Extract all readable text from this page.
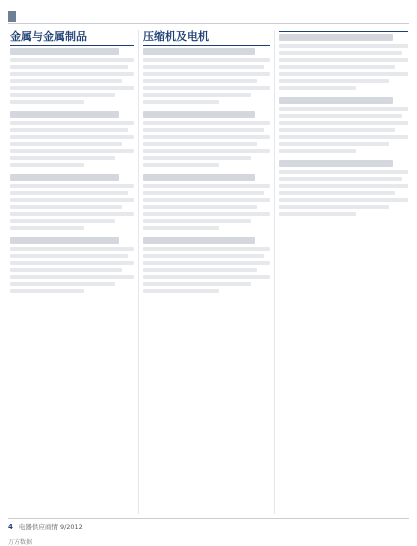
金属与金属制品	压缩机及电机
4 电器供应商情 9/2012
万方数据
